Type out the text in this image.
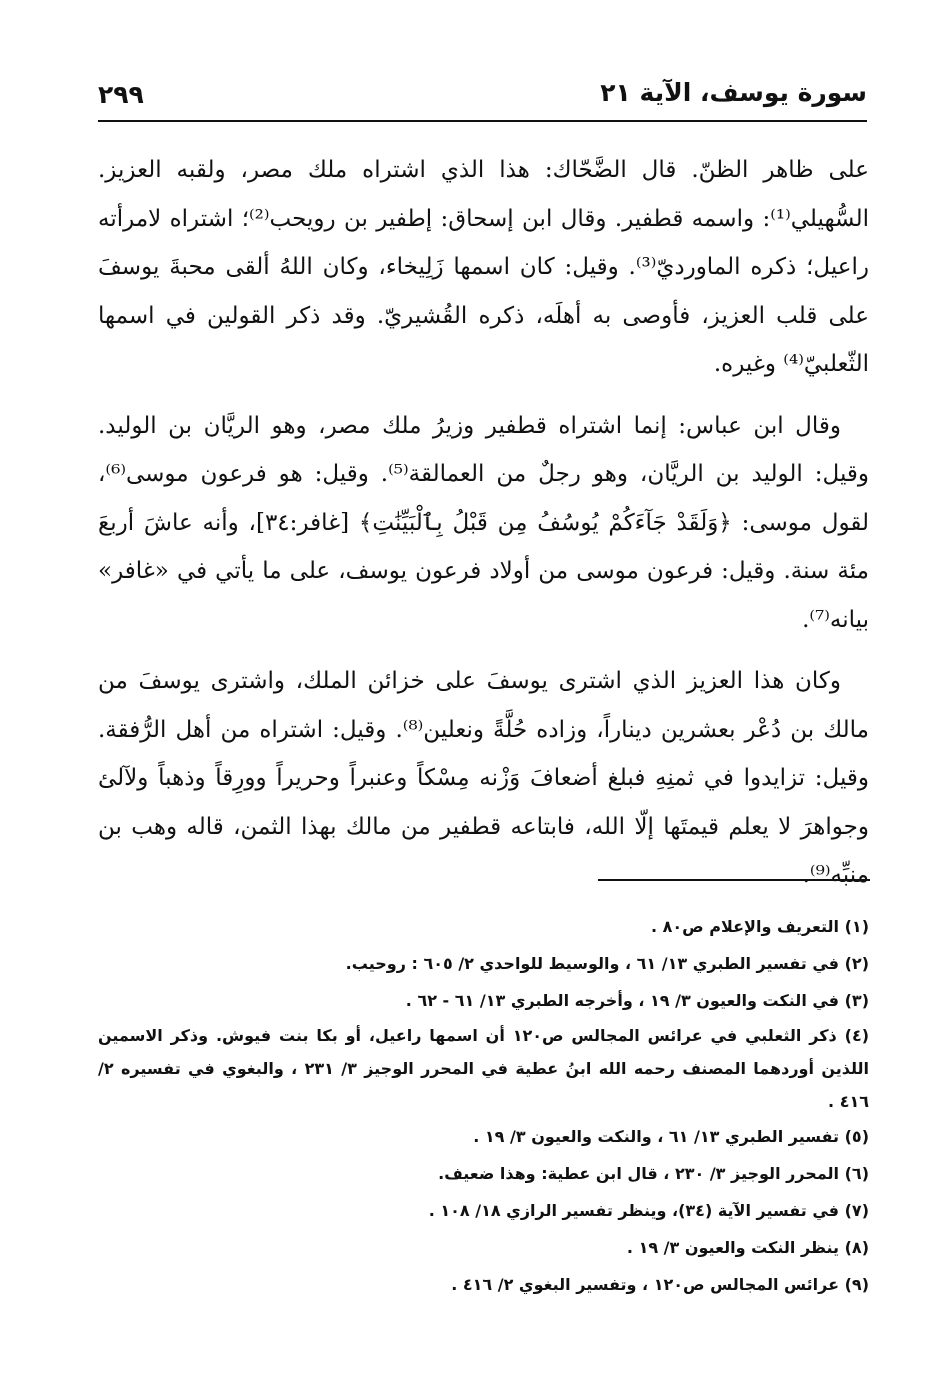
سورة يوسف، الآية ٢١
٢٩٩

على ظاهر الظنّ. قال الضَّحّاك: هذا الذي اشتراه ملك مصر، ولقبه العزيز. السُّهيلي⁽¹⁾: واسمه قطفير. وقال ابن إسحاق: إطفير بن رويحب⁽²⁾؛ اشتراه لامرأته راعيل؛ ذكره الماورديّ⁽³⁾. وقيل: كان اسمها زَلِيخاء، وكان اللهُ ألقى محبةَ يوسفَ على قلب العزيز، فأوصى به أهلَه، ذكره القُشيريّ. وقد ذكر القولين في اسمها الثّعلبيّ⁽⁴⁾ وغيره.

وقال ابن عباس: إنما اشتراه قطفير وزيرُ ملك مصر، وهو الريَّان بن الوليد. وقيل: الوليد بن الريَّان، وهو رجلٌ من العمالقة⁽⁵⁾. وقيل: هو فرعون موسى⁽⁶⁾، لقول موسى: ﴿وَلَقَدْ جَآءَكُمْ يُوسُفُ مِن قَبْلُ بِٱلْبَيِّنَٰتِ﴾ [غافر:٣٤]، وأنه عاشَ أربعَ مئة سنة. وقيل: فرعون موسى من أولاد فرعون يوسف، على ما يأتي في «غافر» بيانه⁽⁷⁾.

وكان هذا العزيز الذي اشترى يوسفَ على خزائن الملك، واشترى يوسفَ من مالك بن دُعْر بعشرين ديناراً، وزاده حُلَّةً ونعلين⁽⁸⁾. وقيل: اشتراه من أهل الرُّفقة. وقيل: تزايدوا في ثمنِهِ فبلغ أضعافَ وَزْنه مِسْكاً وعنبراً وحريراً وورِقاً وذهباً ولآلئ وجواهرَ لا يعلم قيمتَها إلّا الله، فابتاعه قطفير من مالك بهذا الثمن، قاله وهب بن منبِّه⁽⁹⁾.

(١) التعريف والإعلام ص٨٠ .

(٢) في تفسير الطبري ١٣/ ٦١ ، والوسيط للواحدي ٢/ ٦٠٥ : روحيب.

(٣) في النكت والعيون ٣/ ١٩ ، وأخرجه الطبري ١٣/ ٦١ - ٦٢ .

(٤) ذكر الثعلبي في عرائس المجالس ص١٢٠ أن اسمها راعيل، أو بكا بنت فيوش. وذكر الاسمين اللذين أوردهما المصنف رحمه الله ابنُ عطية في المحرر الوجيز ٣/ ٢٣١ ، والبغوي في تفسيره ٢/ ٤١٦ .

(٥) تفسير الطبري ١٣/ ٦١ ، والنكت والعيون ٣/ ١٩ .

(٦) المحرر الوجيز ٣/ ٢٣٠ ، قال ابن عطية: وهذا ضعيف.

(٧) في تفسير الآية (٣٤)، وينظر تفسير الرازي ١٨/ ١٠٨ .

(٨) ينظر النكت والعيون ٣/ ١٩ .

(٩) عرائس المجالس ص١٢٠ ، وتفسير البغوي ٢/ ٤١٦ .
